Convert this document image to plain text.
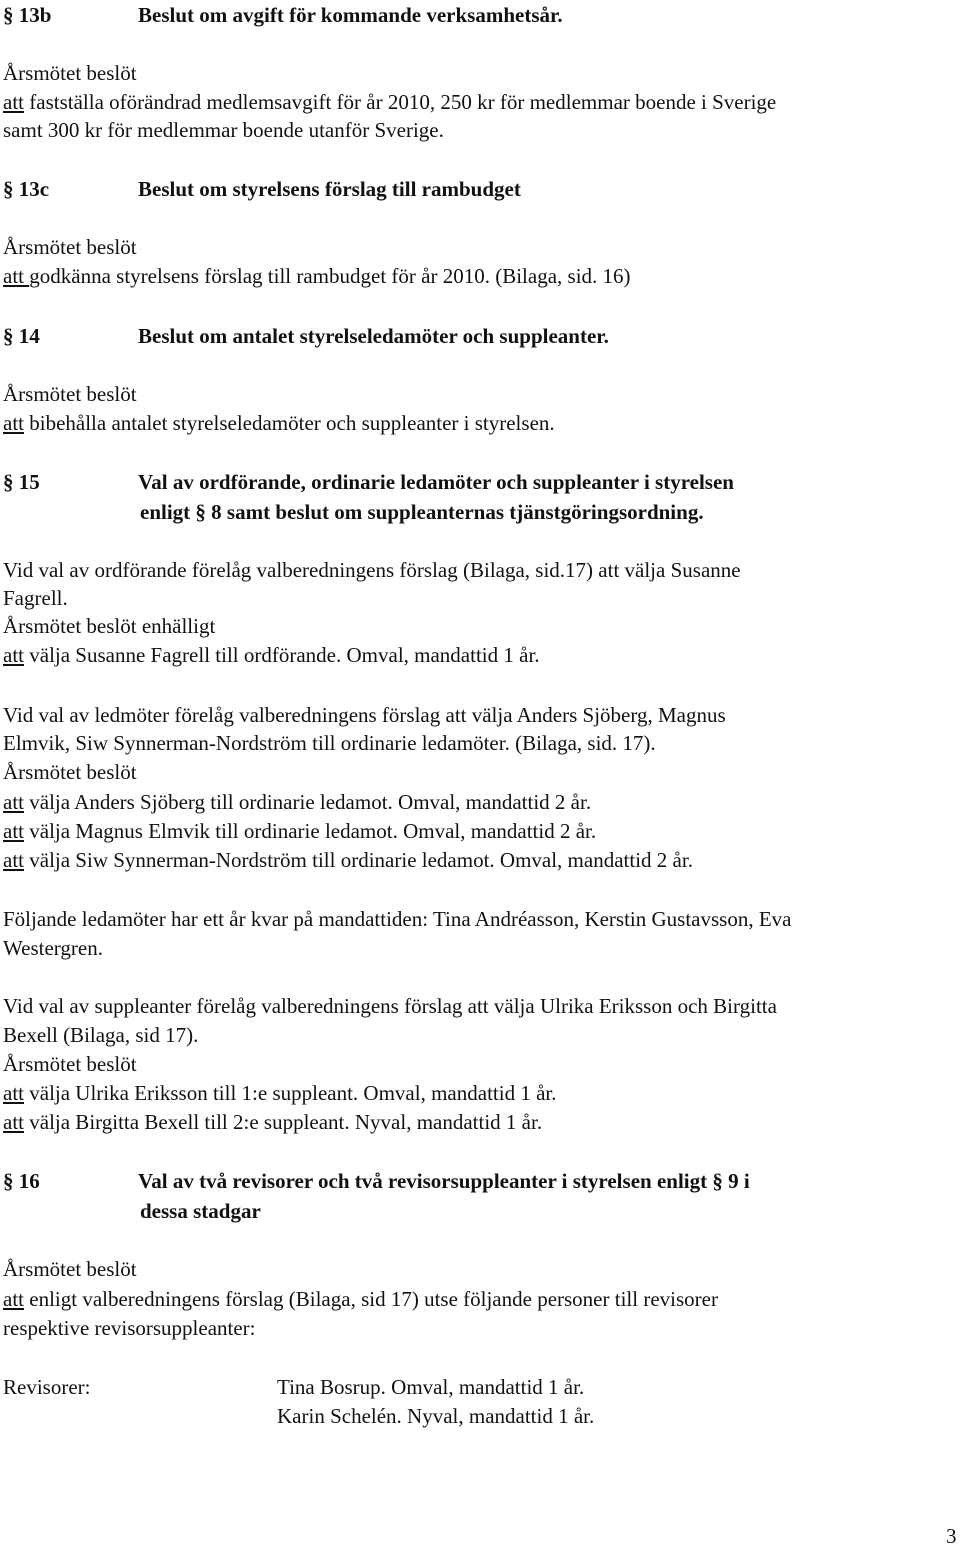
§ 13b	Beslut om avgift för kommande verksamhetsår.
Årsmötet beslöt
att fastställa oförändrad medlemsavgift för år 2010, 250 kr för medlemmar boende i Sverige
samt 300 kr för medlemmar boende utanför Sverige.
§ 13c	Beslut om styrelsens förslag till rambudget
Årsmötet beslöt
att godkänna styrelsens förslag till rambudget för år 2010. (Bilaga, sid. 16)
§ 14	Beslut om antalet styrelseledamöter och suppleanter.
Årsmötet beslöt
att bibehålla antalet styrelseledamöter och suppleanter i styrelsen.
§ 15	Val av ordförande, ordinarie ledamöter och suppleanter i styrelsen
enligt § 8 samt beslut om suppleanternas tjänstgöringsordning.
Vid val av ordförande förelåg valberedningens förslag (Bilaga, sid.17) att välja Susanne
Fagrell.
Årsmötet beslöt enhälligt
att välja Susanne Fagrell till ordförande. Omval, mandattid 1 år.
Vid val av ledmöter förelåg valberedningens förslag att välja Anders Sjöberg, Magnus
Elmvik, Siw Synnerman-Nordström till ordinarie ledamöter. (Bilaga, sid. 17).
Årsmötet beslöt
att välja Anders Sjöberg till ordinarie ledamot. Omval, mandattid 2 år.
att välja Magnus Elmvik till ordinarie ledamot. Omval, mandattid 2 år.
att välja Siw Synnerman-Nordström till ordinarie ledamot. Omval, mandattid 2 år.
Följande ledamöter har ett år kvar på mandattiden: Tina Andréasson, Kerstin Gustavsson, Eva
Westergren.
Vid val av suppleanter förelåg valberedningens förslag att välja Ulrika Eriksson och Birgitta
Bexell (Bilaga, sid 17).
Årsmötet beslöt
att välja Ulrika Eriksson till 1:e suppleant. Omval, mandattid 1 år.
att välja Birgitta Bexell till 2:e suppleant. Nyval, mandattid 1 år.
§ 16	Val av två revisorer och två revisorsuppleanter i styrelsen enligt § 9 i
dessa stadgar
Årsmötet beslöt
att enligt valberedningens förslag (Bilaga, sid 17) utse följande personer till revisorer
respektive revisorsuppleanter:
Revisorer:	Tina Bosrup. Omval, mandattid 1 år.
Karin Schelén. Nyval, mandattid 1 år.
3
